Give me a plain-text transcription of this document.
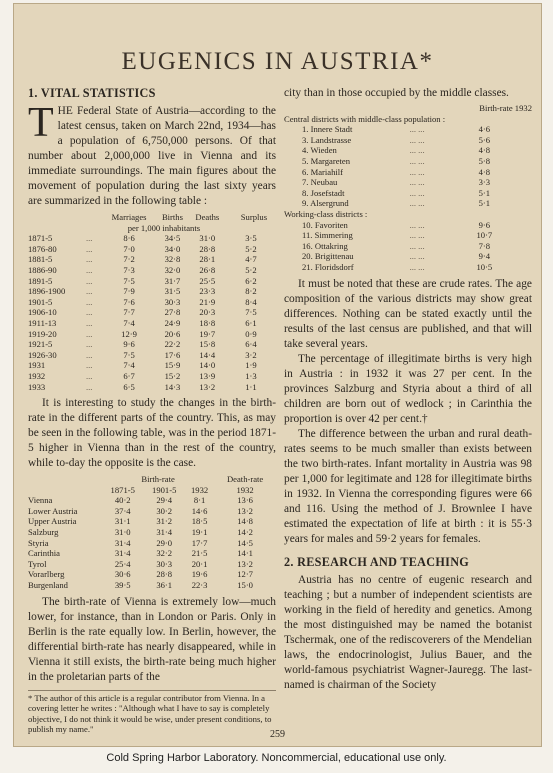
EUGENICS IN AUSTRIA*
1. VITAL STATISTICS

THE Federal State of Austria—according to the latest census, taken on March 22nd, 1934—has a population of 6,750,000 persons. Of that number about 2,000,000 live in Vienna and its immediate surroundings. The main figures about the movement of population during the last sixty years are summarized in the following table :

		Marriages	Births	Deaths	Surplus
		per 1,000 inhabitants			
1871-5	...	8·6	34·5	31·0	3·5
1876-80	...	7·0	34·0	28·8	5·2
1881-5	...	7·2	32·8	28·1	4·7
1886-90	...	7·3	32·0	26·8	5·2
1891-5	...	7·5	31·7	25·5	6·2
1896-1900	...	7·9	31·5	23·3	8·2
1901-5	...	7·6	30·3	21·9	8·4
1906-10	...	7·7	27·8	20·3	7·5
1911-13	...	7·4	24·9	18·8	6·1
1919-20	...	12·9	20·6	19·7	0·9
1921-5	...	9·6	22·2	15·8	6·4
1926-30	...	7·5	17·6	14·4	3·2
1931	...	7·4	15·9	14·0	1·9
1932	...	6·7	15·2	13·9	1·3
1933	...	6·5	14·3	13·2	1·1

It is interesting to study the changes in the birth-rate in the different parts of the country. This, as may be seen in the following table, was in the period 1871-5 higher in Vienna than in the rest of the country, while to-day the opposite is the case.

	Birth-rate			Death-rate
	1871-5	1901-5	1932	1932
Vienna	40·2	29·4	8·1	13·6
Lower Austria	37·4	30·2	14·6	13·2
Upper Austria	31·1	31·2	18·5	14·8
Salzburg	31·0	31·4	19·1	14·2
Styria	31·4	29·0	17·7	14·5
Carinthia	31·4	32·2	21·5	14·1
Tyrol	25·4	30·3	20·1	13·2
Vorarlberg	30·6	28·8	19·6	12·7
Burgenland	39·5	36·1	22·3	15·0

The birth-rate of Vienna is extremely low—much lower, for instance, than in London or Paris. Only in Berlin is the rate equally low. In Berlin, however, the differential birth-rate has nearly disappeared, while in Vienna it still exists, the birth-rate being much higher in the proletarian parts of the

* The author of this article is a regular contributor from Vienna. In a covering letter he writes : "Although what I have to say is completely objective, I do not think it would be wise, under present conditions, to publish my name."

city than in those occupied by the middle classes.

		Birth-rate 1932
Central districts with middle-class population :		
1. Innere Stadt	... ...	4·6
3. Landstrasse	... ...	5·6
4. Wieden	... ...	4·8
5. Margareten	... ...	5·8
6. Mariahilf	... ...	4·8
7. Neubau	... ...	3·3
8. Josefstadt	... ...	5·1
9. Alsergrund	... ...	5·1
Working-class districts :		
10. Favoriten	... ...	9·6
11. Simmering	... ...	10·7
16. Ottakring	... ...	7·8
20. Brigittenau	... ...	9·4
21. Floridsdorf	... ...	10·5

It must be noted that these are crude rates. The age composition of the various districts may show great differences. Nothing can be stated exactly until the results of the last census are published, and that will take several years.

The percentage of illegitimate births is very high in Austria : in 1932 it was 27 per cent. In the provinces Salzburg and Styria about a third of all children are born out of wedlock ; in Carinthia the proportion is over 42 per cent.†

The difference between the urban and rural death-rates seems to be much smaller than exists between the two birth-rates. Infant mortality in Austria was 98 per 1,000 for legitimate and 128 for illegitimate births in 1932. In Vienna the corresponding figures were 66 and 116. Using the method of J. Brownlee I have estimated the expectation of life at birth : it is 55·3 years for males and 59·2 years for females.

2. RESEARCH AND TEACHING

Austria has no centre of eugenic research and teaching ; but a number of independent scientists are working in the field of heredity and genetics. Among the most distinguished may be named the botanist Tschermak, one of the rediscoverers of the Mendelian laws, the endocrinologist, Julius Bauer, and the world-famous psychiatrist Wagner-Jauregg. The last-named is chairman of the Society

259
Cold Spring Harbor Laboratory. Noncommercial, educational use only.
